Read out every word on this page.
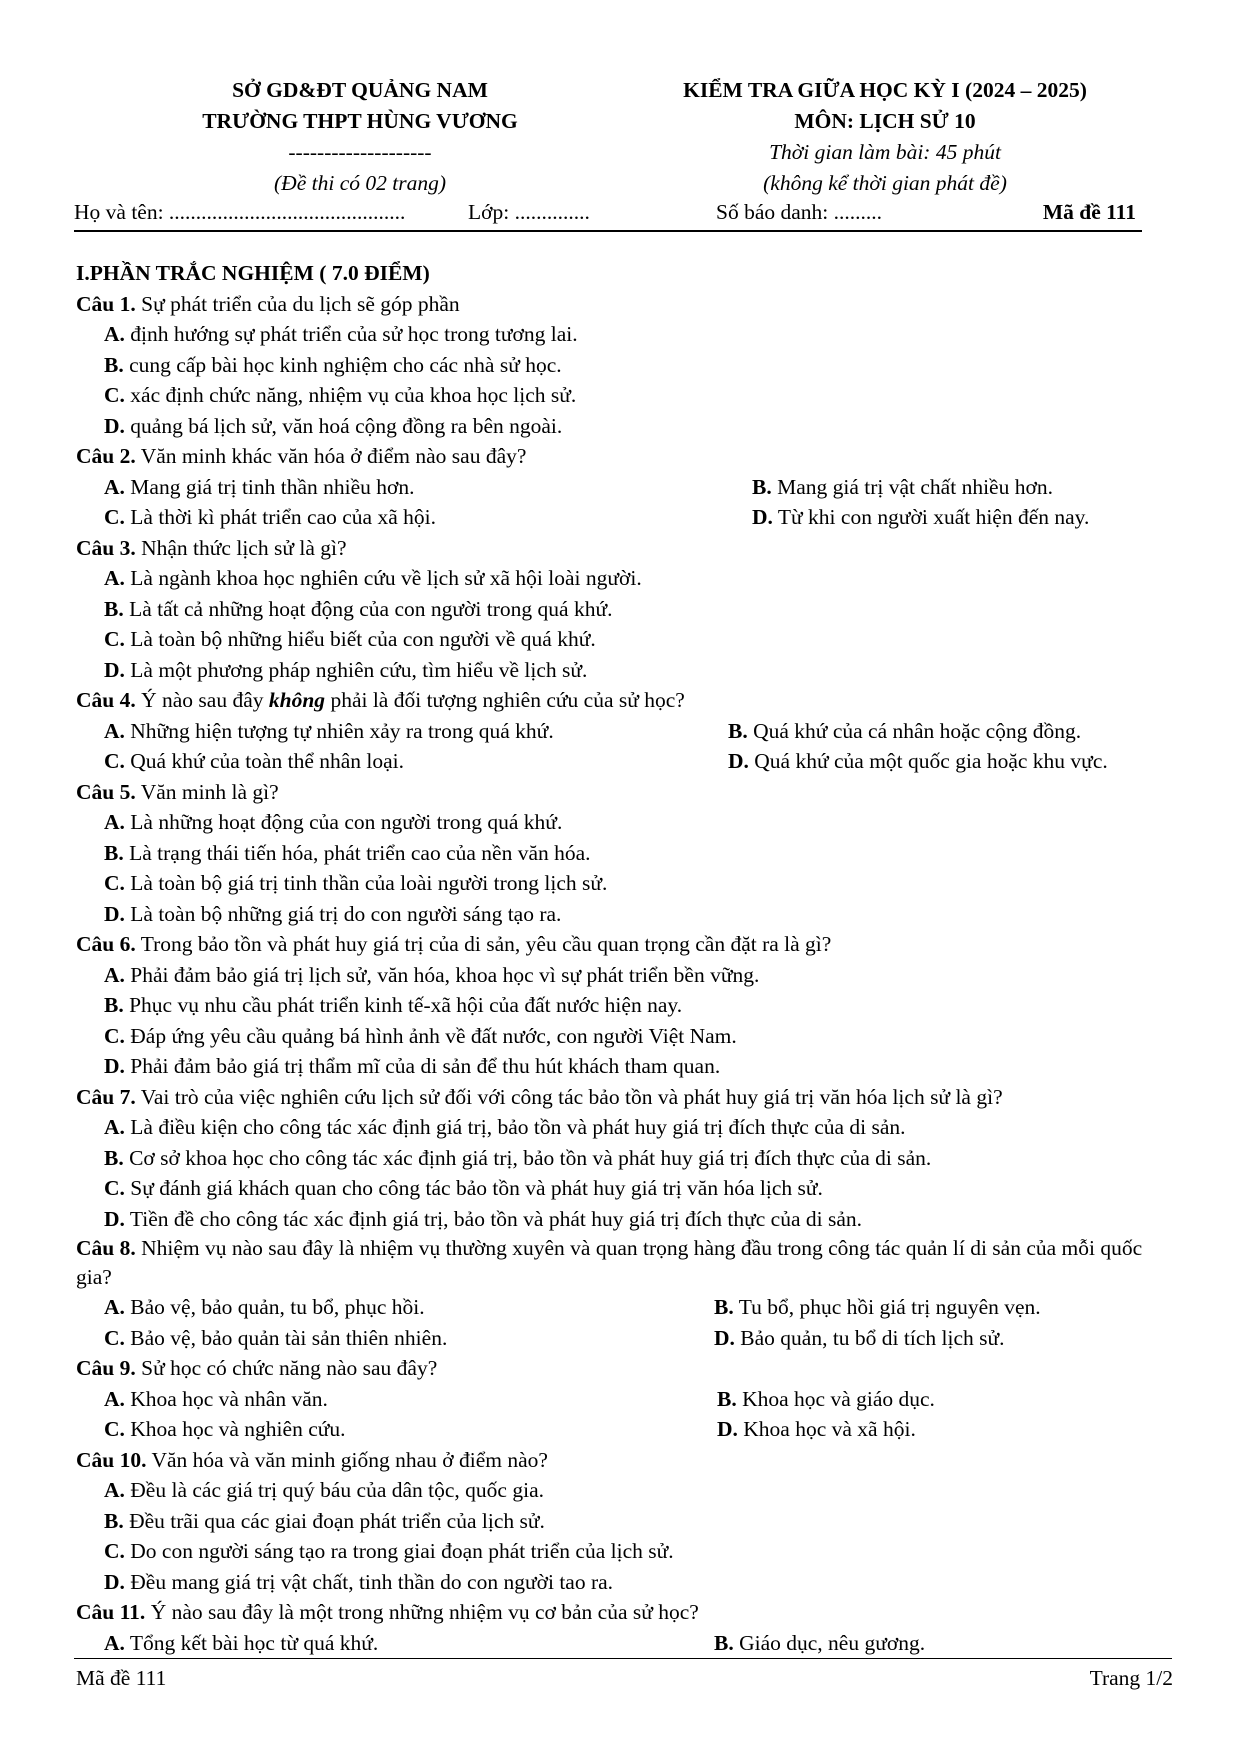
SỞ GD&ĐT QUẢNG NAM
TRƯỜNG THPT HÙNG VƯƠNG
--------------------
(Đề thi có 02 trang)
KIỂM TRA GIỮA HỌC KỲ I (2024 – 2025)
MÔN: LỊCH SỬ 10
Thời gian làm bài: 45 phút
(không kể thời gian phát đề)
Họ và tên: ............................................	Lớp: ..............	Số báo danh: .........	Mã đề 111
I.PHẦN TRẮC NGHIỆM ( 7.0 ĐIỂM)
Câu 1. Sự phát triển của du lịch sẽ góp phần
A. định hướng sự phát triển của sử học trong tương lai.
B. cung cấp bài học kinh nghiệm cho các nhà sử học.
C. xác định chức năng, nhiệm vụ của khoa học lịch sử.
D. quảng bá lịch sử, văn hoá cộng đồng ra bên ngoài.
Câu 2. Văn minh khác văn hóa ở điểm nào sau đây?
A. Mang giá trị tinh thần nhiều hơn.	B. Mang giá trị vật chất nhiều hơn.
C. Là thời kì phát triển cao của xã hội.	D. Từ khi con người xuất hiện đến nay.
Câu 3. Nhận thức lịch sử là gì?
A. Là ngành khoa học nghiên cứu về lịch sử xã hội loài người.
B. Là tất cả những hoạt động của con người trong quá khứ.
C. Là toàn bộ những hiểu biết của con người về quá khứ.
D. Là một phương pháp nghiên cứu, tìm hiểu về lịch sử.
Câu 4. Ý nào sau đây không phải là đối tượng nghiên cứu của sử học?
A. Những hiện tượng tự nhiên xảy ra trong quá khứ.	B. Quá khứ của cá nhân hoặc cộng đồng.
C. Quá khứ của toàn thể nhân loại.	D. Quá khứ của một quốc gia hoặc khu vực.
Câu 5. Văn minh là gì?
A. Là những hoạt động của con người trong quá khứ.
B. Là trạng thái tiến hóa, phát triển cao của nền văn hóa.
C. Là toàn bộ giá trị tinh thần của loài người trong lịch sử.
D. Là toàn bộ những giá trị do con người sáng tạo ra.
Câu 6. Trong bảo tồn và phát huy giá trị của di sản, yêu cầu quan trọng cần đặt ra là gì?
A. Phải đảm bảo giá trị lịch sử, văn hóa, khoa học vì sự phát triển bền vững.
B. Phục vụ nhu cầu phát triển kinh tế-xã hội của đất nước hiện nay.
C. Đáp ứng yêu cầu quảng bá hình ảnh về đất nước, con người Việt Nam.
D. Phải đảm bảo giá trị thẩm mĩ của di sản để thu hút khách tham quan.
Câu 7. Vai trò của việc nghiên cứu lịch sử đối với công tác bảo tồn và phát huy giá trị văn hóa lịch sử là gì?
A. Là điều kiện cho công tác xác định giá trị, bảo tồn và phát huy giá trị đích thực của di sản.
B. Cơ sở khoa học cho công tác xác định giá trị, bảo tồn và phát huy giá trị đích thực của di sản.
C. Sự đánh giá khách quan cho công tác bảo tồn và phát huy giá trị văn hóa lịch sử.
D. Tiền đề cho công tác xác định giá trị, bảo tồn và phát huy giá trị đích thực của di sản.
Câu 8. Nhiệm vụ nào sau đây là nhiệm vụ thường xuyên và quan trọng hàng đầu trong công tác quản lí di sản của mỗi quốc gia?
A. Bảo vệ, bảo quản, tu bổ, phục hồi.	B. Tu bổ, phục hồi giá trị nguyên vẹn.
C. Bảo vệ, bảo quản tài sản thiên nhiên.	D. Bảo quản, tu bổ di tích lịch sử.
Câu 9. Sử học có chức năng nào sau đây?
A. Khoa học và nhân văn.	B. Khoa học và giáo dục.
C. Khoa học và nghiên cứu.	D. Khoa học và xã hội.
Câu 10. Văn hóa và văn minh giống nhau ở điểm nào?
A. Đều là các giá trị quý báu của dân tộc, quốc gia.
B. Đều trãi qua các giai đoạn phát triển của lịch sử.
C. Do con người sáng tạo ra trong giai đoạn phát triển của lịch sử.
D. Đều mang giá trị vật chất, tinh thần do con người tao ra.
Câu 11. Ý nào sau đây là một trong những nhiệm vụ cơ bản của sử học?
A. Tổng kết bài học từ quá khứ.	B. Giáo dục, nêu gương.
Mã đề 111	Trang 1/2
